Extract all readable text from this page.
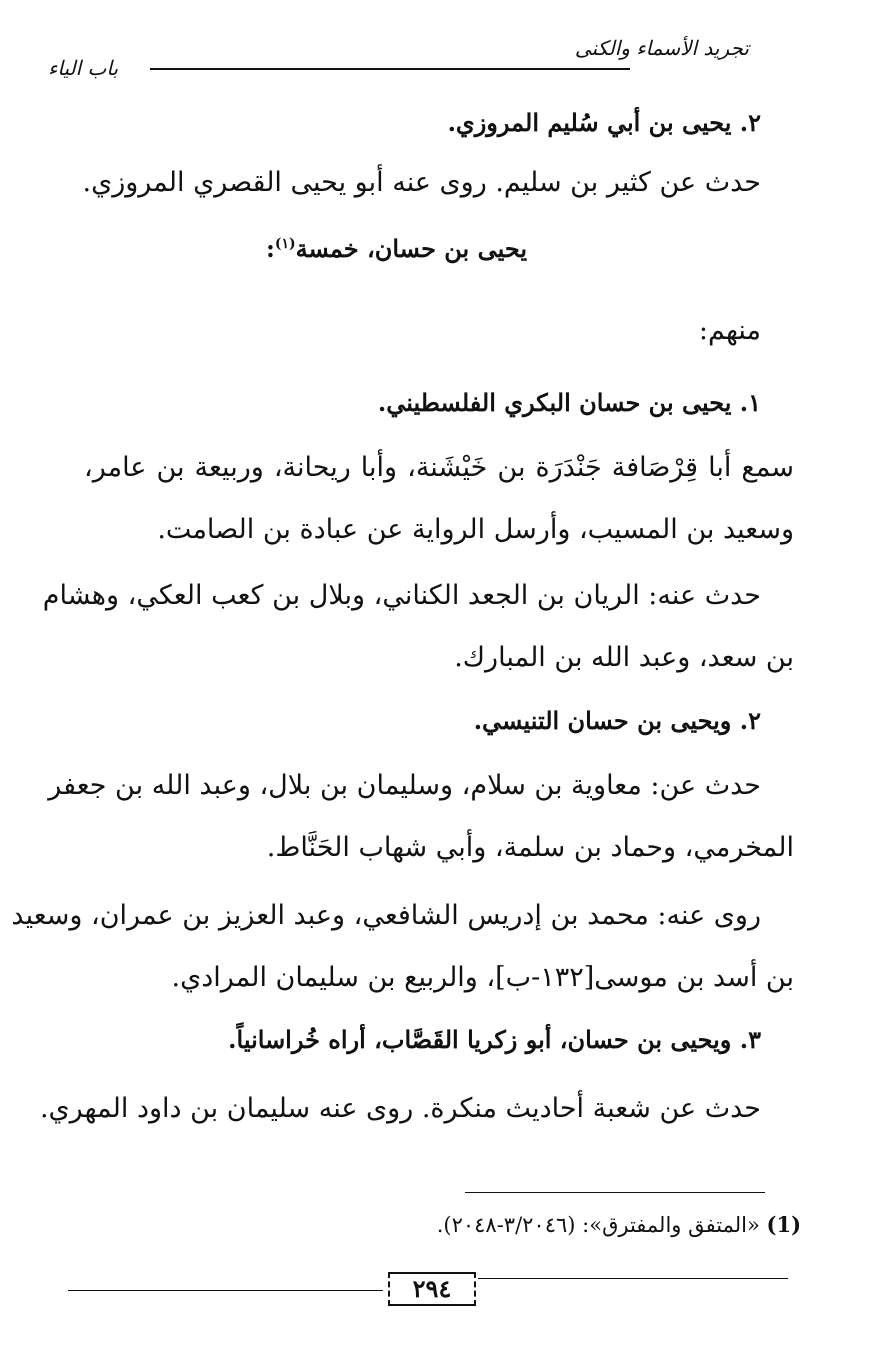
تجريد الأسماء والكنى
باب الياء
٢. يحيى بن أبي سُليم المروزي.
حدث عن كثير بن سليم. روى عنه أبو يحيى القصري المروزي.
يحيى بن حسان، خمسة$^{(١)}$:
منهم:
١. يحيى بن حسان البكري الفلسطيني.
سمع أبا قِرْصَافة جَنْدَرَة بن خَيْشَنة، وأبا ريحانة، وربيعة بن عامر،
وسعيد بن المسيب، وأرسل الرواية عن عبادة بن الصامت.
حدث عنه: الريان بن الجعد الكناني، وبلال بن كعب العكي، وهشام
بن سعد، وعبد الله بن المبارك.
٢. ويحيى بن حسان التنيسي.
حدث عن: معاوية بن سلام، وسليمان بن بلال، وعبد الله بن جعفر
المخرمي، وحماد بن سلمة، وأبي شهاب الحَنَّاط.
روى عنه: محمد بن إدريس الشافعي، وعبد العزيز بن عمران، وسعيد
بن أسد بن موسى[١٣٢-ب]، والربيع بن سليمان المرادي.
٣. ويحيى بن حسان، أبو زكريا القَصَّاب، أراه خُراسانياً.
حدث عن شعبة أحاديث منكرة. روى عنه سليمان بن داود المهري.
(1) «المتفق والمفترق»: (٣/٢٠٤٦-٢٠٤٨).
٢٩٤
